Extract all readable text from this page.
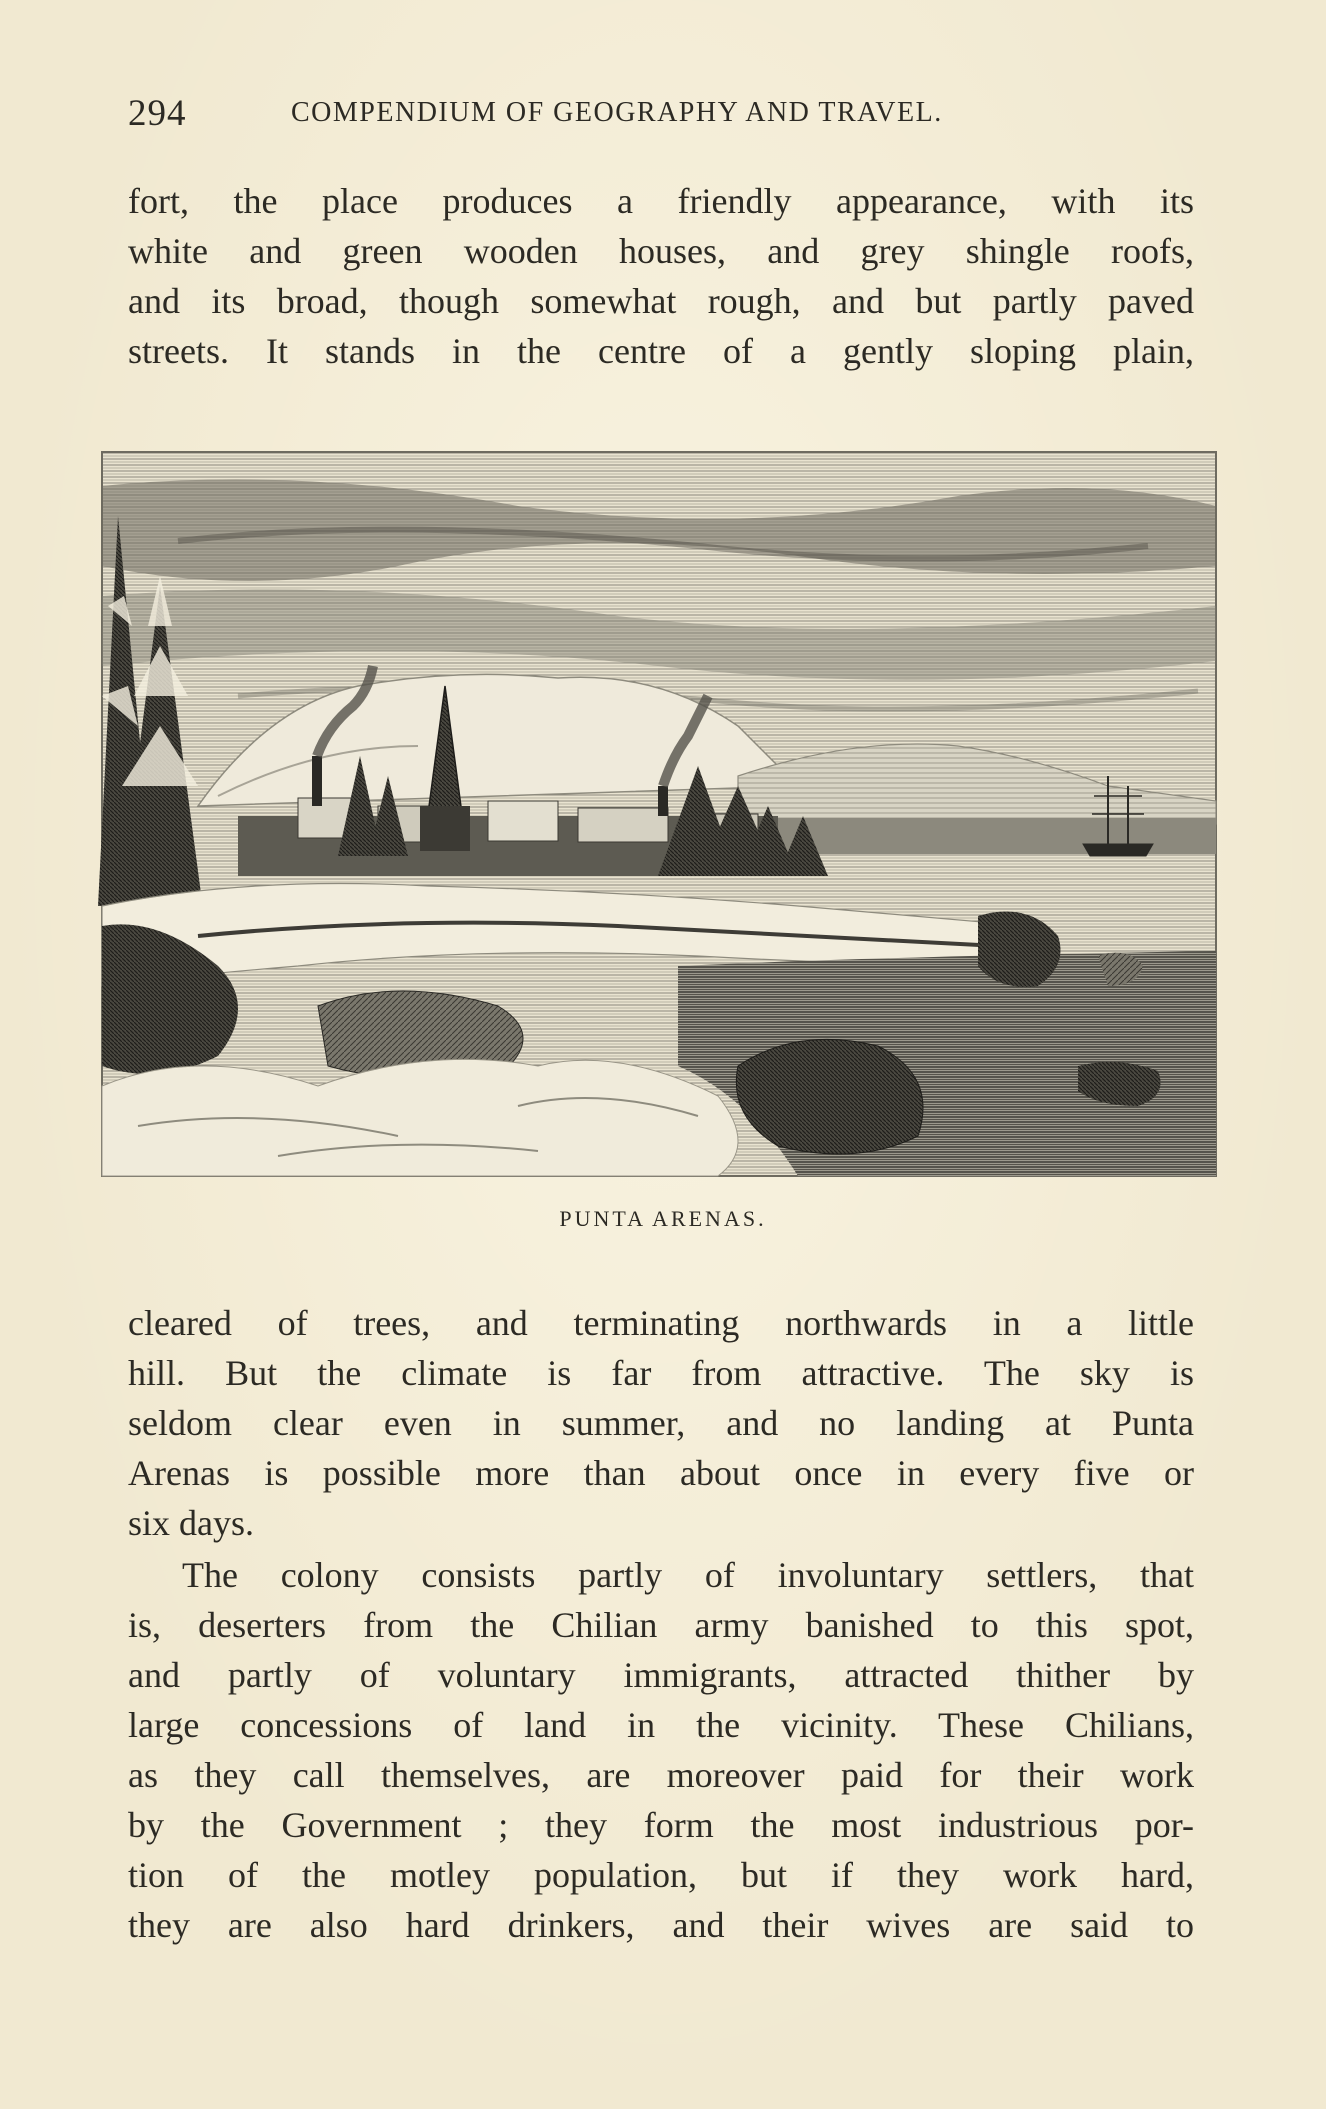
294	COMPENDIUM OF GEOGRAPHY AND TRAVEL.
fort, the place produces a friendly appearance, with its
white and green wooden houses, and grey shingle roofs,
and its broad, though somewhat rough, and but partly paved
streets. It stands in the centre of a gently sloping plain,
PUNTA ARENAS.
cleared of trees, and terminating northwards in a little
hill. But the climate is far from attractive. The sky is
seldom clear even in summer, and no landing at Punta
Arenas is possible more than about once in every five or
six days.
The colony consists partly of involuntary settlers, that
is, deserters from the Chilian army banished to this spot,
and partly of voluntary immigrants, attracted thither by
large concessions of land in the vicinity. These Chilians,
as they call themselves, are moreover paid for their work
by the Government ; they form the most industrious por-
tion of the motley population, but if they work hard,
they are also hard drinkers, and their wives are said to
